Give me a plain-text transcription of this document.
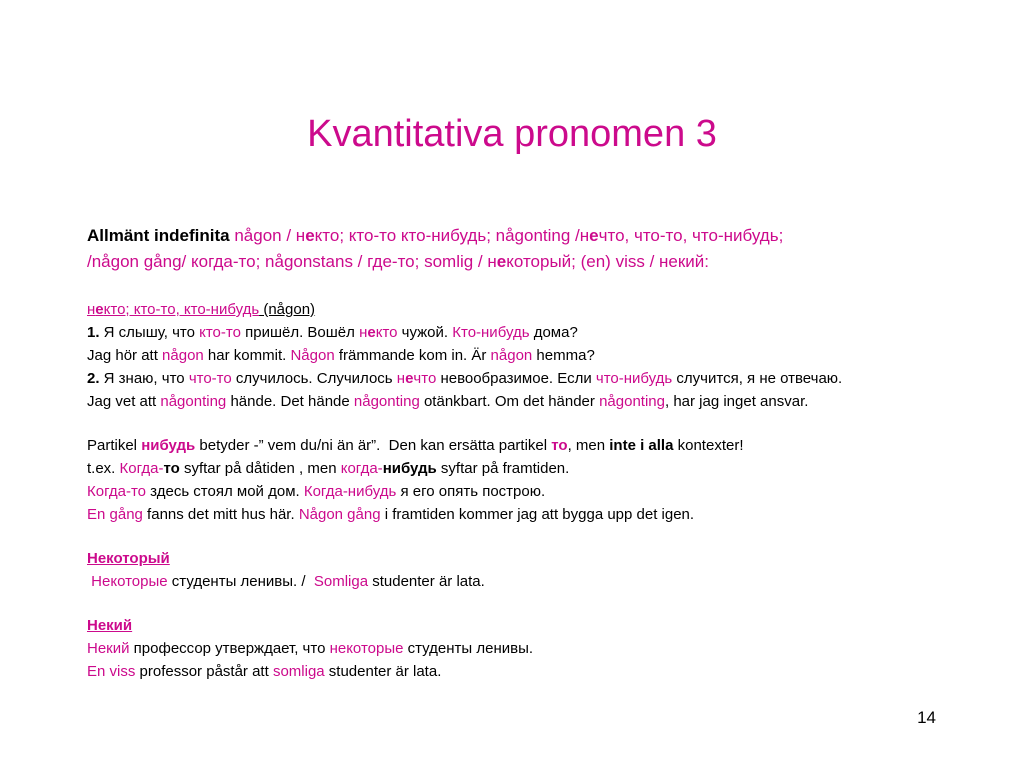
Kvantitativa pronomen 3
Allmänt indefinita någon / некто; кто-то кто-нибудь; någonting /нечто, что-то, что-нибудь;
/någon gång/ когда-то; någonstans / где-то; somlig / некоторый; (en) viss / некий:
некто; кто-то, кто-нибудь (någon)
1. Я слышу, что кто-то пришёл. Вошёл некто чужой. Кто-нибудь дома?
Jag hör att någon har kommit. Någon främmande kom in. Är någon hemma?
2. Я знаю, что что-то случилось. Случилось нечто невообразимое. Если что-нибудь случится, я не отвечаю.
Jag vet att någonting hände. Det hände någonting otänkbart. Om det händer någonting, har jag inget ansvar.
Partikel нибудь betyder -” vem du/ni än är”.  Den kan ersätta partikel то, men inte i alla kontexter!
t.ex. Когда-то syftar på dåtiden , men когда-нибудь syftar på framtiden.
Когда-то здесь стоял мой дом. Когда-нибудь я его опять построю.
En gång fanns det mitt hus här. Någon gång i framtiden kommer jag att bygga upp det igen.
Некоторый
Некоторые студенты ленивы. /  Somliga studenter är lata.
Некий
Некий профессор утверждает, что некоторые студенты ленивы.
En viss professor påstår att somliga studenter är lata.
14
